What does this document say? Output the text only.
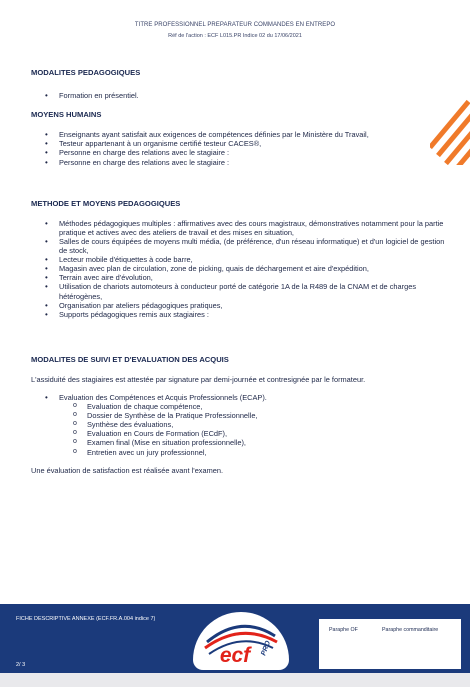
TITRE PROFESSIONNEL PREPARATEUR COMMANDES EN ENTREPO
Réf de l'action : ECF L015.PR Indice 02 du 17/06/2021
MODALITES PEDAGOGIQUES
• Formation en présentiel.
MOYENS HUMAINS
• Enseignants ayant satisfait aux exigences de compétences définies par le Ministère du Travail,
• Testeur appartenant à un organisme certifié testeur CACES®,
• Personne en charge des relations avec le stagiaire :
• Personne en charge des relations avec le stagiaire :
METHODE ET MOYENS PEDAGOGIQUES
• Méthodes pédagogiques multiples : affirmatives avec des cours magistraux, démonstratives notamment pour la partie pratique et actives avec des ateliers de travail et des mises en situation,
• Salles de cours équipées de moyens multi média, (de préférence, d'un réseau informatique) et d'un logiciel de gestion de stock,
• Lecteur mobile d'étiquettes à code barre,
• Magasin avec plan de circulation, zone de picking, quais de déchargement et aire d'expédition,
• Terrain avec aire d'évolution,
• Utilisation de chariots automoteurs à conducteur porté de catégorie 1A de la R489 de la CNAM et de charges hétérogènes,
• Organisation par ateliers pédagogiques pratiques,
• Supports pédagogiques remis aux stagiaires :
MODALITES DE SUIVI ET D'EVALUATION DES ACQUIS

L'assiduité des stagiaires est attestée par signature par demi-journée et contresignée par le formateur.

• Evaluation des Compétences et Acquis Professionnels (ECAP).
o Evaluation de chaque compétence,
o Dossier de Synthèse de la Pratique Professionnelle,
o Synthèse des évaluations,
o Evaluation en Cours de Formation (ECdF),
o Examen final (Mise en situation professionnelle),
o Entretien avec un jury professionnel,

Une évaluation de satisfaction est réalisée avant l'examen.

FICHE DESCRIPTIVE ANNEXE (ECF.FR.A.004 indice 7)
2/ 3	ecf PRO
Paraphe OF	Paraphe commanditaire
